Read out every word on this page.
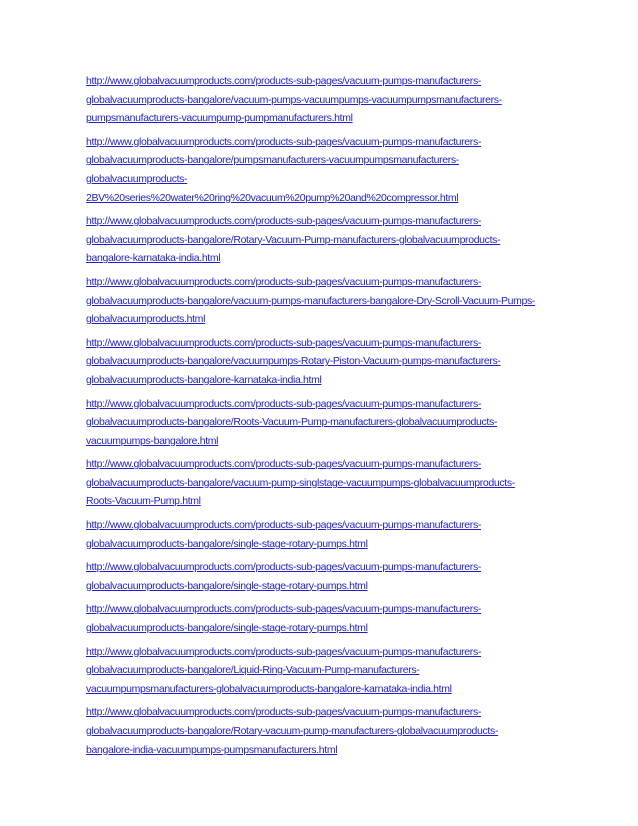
http://www.globalvacuumproducts.com/products-sub-pages/vacuum-pumps-manufacturers-
globalvacuumproducts-bangalore/vacuum-pumps-vacuumpumps-vacuumpumpsmanufacturers-
pumpsmanufacturers-vacuumpump-pumpmanufacturers.html
http://www.globalvacuumproducts.com/products-sub-pages/vacuum-pumps-manufacturers-
globalvacuumproducts-bangalore/pumpsmanufacturers-vacuumpumpsmanufacturers-
globalvacuumproducts-
2BV%20series%20water%20ring%20vacuum%20pump%20and%20compressor.html
http://www.globalvacuumproducts.com/products-sub-pages/vacuum-pumps-manufacturers-
globalvacuumproducts-bangalore/Rotary-Vacuum-Pump-manufacturers-globalvacuumproducts-
bangalore-karnataka-india.html
http://www.globalvacuumproducts.com/products-sub-pages/vacuum-pumps-manufacturers-
globalvacuumproducts-bangalore/vacuum-pumps-manufacturers-bangalore-Dry-Scroll-Vacuum-Pumps-
globalvacuumproducts.html
http://www.globalvacuumproducts.com/products-sub-pages/vacuum-pumps-manufacturers-
globalvacuumproducts-bangalore/vacuumpumps-Rotary-Piston-Vacuum-pumps-manufacturers-
globalvacuumproducts-bangalore-karnataka-india.html
http://www.globalvacuumproducts.com/products-sub-pages/vacuum-pumps-manufacturers-
globalvacuumproducts-bangalore/Roots-Vacuum-Pump-manufacturers-globalvacuumproducts-
vacuumpumps-bangalore.html
http://www.globalvacuumproducts.com/products-sub-pages/vacuum-pumps-manufacturers-
globalvacuumproducts-bangalore/vacuum-pump-singlstage-vacuumpumps-globalvacuumproducts-
Roots-Vacuum-Pump.html
http://www.globalvacuumproducts.com/products-sub-pages/vacuum-pumps-manufacturers-
globalvacuumproducts-bangalore/single-stage-rotary-pumps.html
http://www.globalvacuumproducts.com/products-sub-pages/vacuum-pumps-manufacturers-
globalvacuumproducts-bangalore/single-stage-rotary-pumps.html
http://www.globalvacuumproducts.com/products-sub-pages/vacuum-pumps-manufacturers-
globalvacuumproducts-bangalore/single-stage-rotary-pumps.html
http://www.globalvacuumproducts.com/products-sub-pages/vacuum-pumps-manufacturers-
globalvacuumproducts-bangalore/Liquid-Ring-Vacuum-Pump-manufacturers-
vacuumpumpsmanufacturers-globalvacuumproducts-bangalore-karnataka-india.html
http://www.globalvacuumproducts.com/products-sub-pages/vacuum-pumps-manufacturers-
globalvacuumproducts-bangalore/Rotary-vacuum-pump-manufacturers-globalvacuumproducts-
bangalore-india-vacuumpumps-pumpsmanufacturers.html
